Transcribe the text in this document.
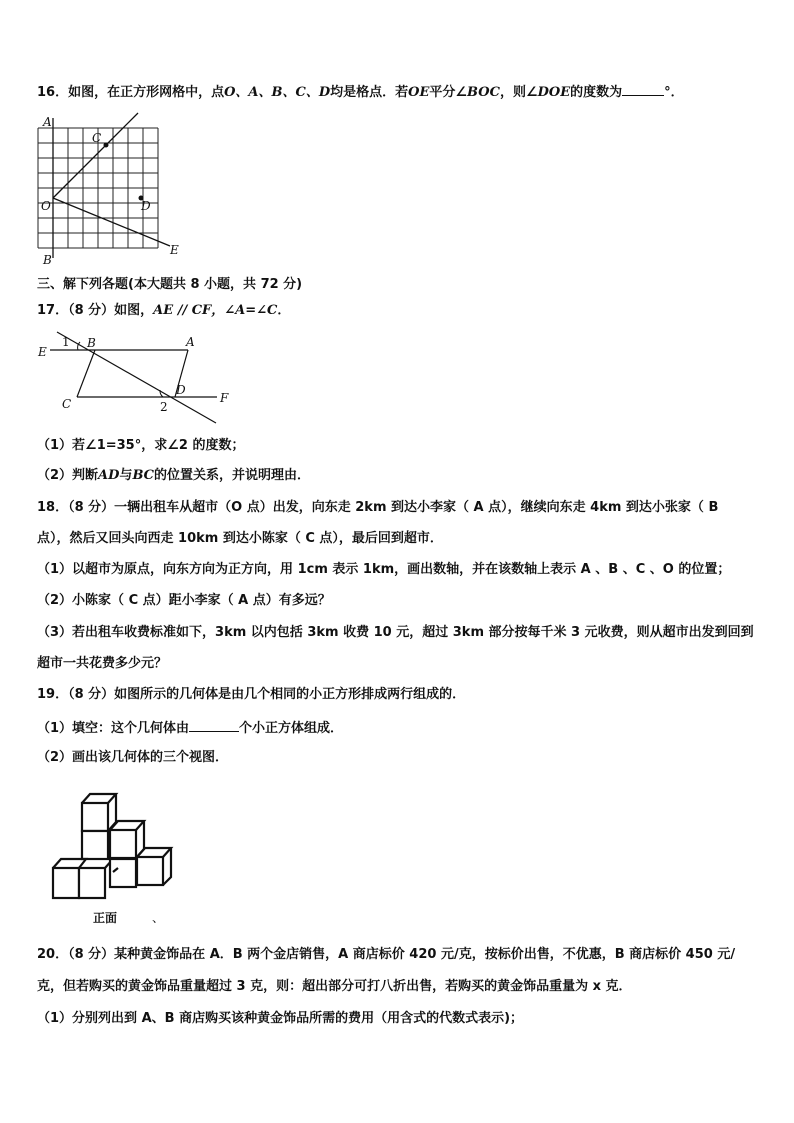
16．如图，在正方形网格中，点O、A、B、C、D均是格点．若OE平分∠BOC，则∠DOE的度数为	°．
A
C
O	D
B
E
三、解下列各题(本大题共 8 小题，共 72 分)
17．（8 分）如图，AE // CF，∠A=∠C．
E
1 B	A
C
D
2
F
（1）若∠1=35°，求∠2 的度数；
（2）判断AD与BC的位置关系，并说明理由．
18．（8 分）一辆出租车从超市（O 点）出发，向东走 2km 到达小李家（ A 点），继续向东走 4km 到达小张家（ B
点），然后又回头向西走 10km 到达小陈家（ C 点），最后回到超市．
（1）以超市为原点，向东方向为正方向，用 1cm 表示 1km，画出数轴，并在该数轴上表示 A 、B 、C 、O 的位置；
（2）小陈家（ C 点）距小李家（ A 点）有多远？
（3）若出租车收费标准如下，3km 以内包括 3km 收费 10 元，超过 3km 部分按每千米 3 元收费，则从超市出发到回到
超市一共花费多少元？
19．（8 分）如图所示的几何体是由几个相同的小正方形排成两行组成的．
（1）填空：这个几何体由	个小正方体组成．
（2）画出该几何体的三个视图．
正面	、
20．（8 分）某种黄金饰品在 A．B 两个金店销售，A 商店标价 420 元/克，按标价出售，不优惠，B 商店标价 450 元/
克，但若购买的黄金饰品重量超过 3 克，则：超出部分可打八折出售，若购买的黄金饰品重量为 x 克．
（1）分别列出到 A、B 商店购买该种黄金饰品所需的费用（用含式的代数式表示)；
